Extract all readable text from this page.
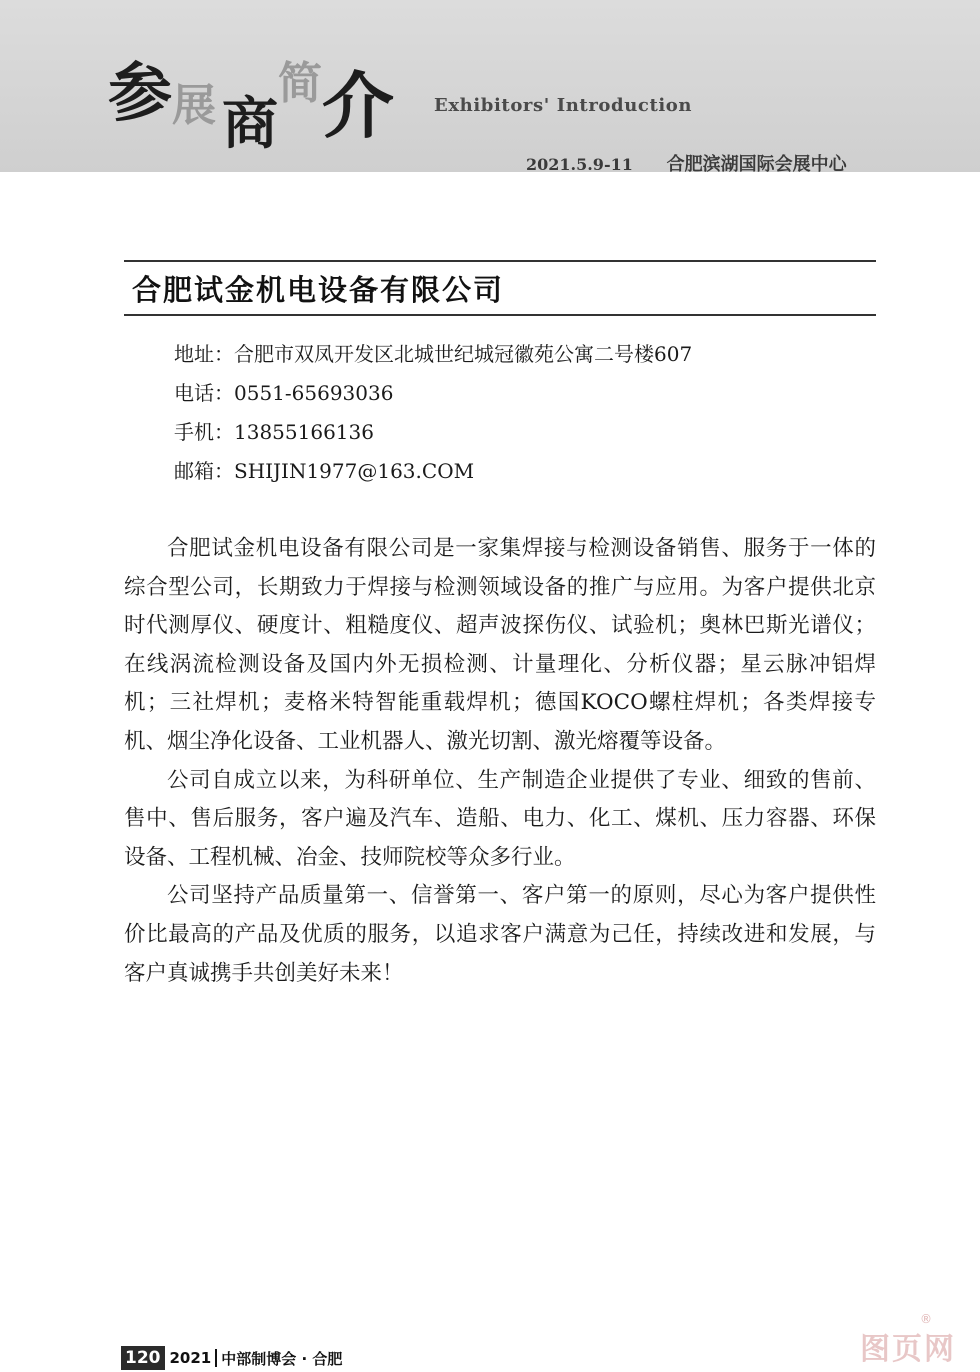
参 展 商
简 介 Exhibitors' Introduction
2021.5.9-11 合肥滨湖国际会展中心
合肥试金机电设备有限公司
地址：合肥市双凤开发区北城世纪城冠徽苑公寓二号楼607
电话：0551-65693036
手机：13855166136
邮箱：SHIJIN1977@163.COM

合肥试金机电设备有限公司是一家集焊接与检测设备销售、服务于一体的综合型公司，长期致力于焊接与检测领域设备的推广与应用。为客户提供北京时代测厚仪、硬度计、粗糙度仪、超声波探伤仪、试验机；奥林巴斯光谱仪；在线涡流检测设备及国内外无损检测、计量理化、分析仪器；星云脉冲铝焊机；三社焊机；麦格米特智能重载焊机；德国KOCO螺柱焊机；各类焊接专机、烟尘净化设备、工业机器人、激光切割、激光熔覆等设备。

公司自成立以来，为科研单位、生产制造企业提供了专业、细致的售前、售中、售后服务，客户遍及汽车、造船、电力、化工、煤机、压力容器、环保设备、工程机械、冶金、技师院校等众多行业。

公司坚持产品质量第一、信誉第一、客户第一的原则，尽心为客户提供性价比最高的产品及优质的服务，以追求客户满意为己任，持续改进和发展，与客户真诚携手共创美好未来！

120 2021 中部制博会 · 合肥	图页网
®
